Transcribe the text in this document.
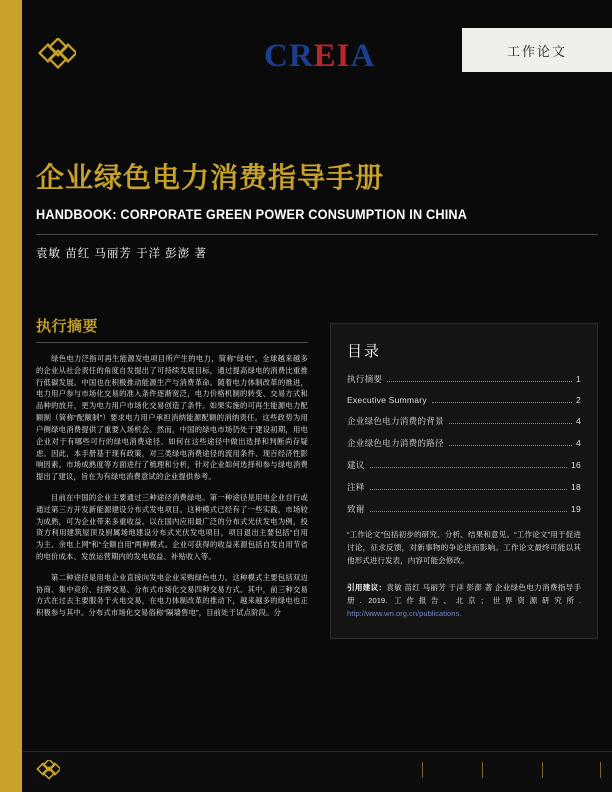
CREIA	工作论文
企业绿色电力消费指导手册
HANDBOOK: CORPORATE GREEN POWER CONSUMPTION IN CHINA
袁敏 苗红 马丽芳 于洋 彭澎 著
执行摘要

绿色电力泛指可再生能源发电项目所产生的电力，简称“绿电”。全球越来越多的企业从社会责任的角度自发提出了可持续发展目标，通过提高绿电的消费比重推行低碳发展。中国也在积极推动能源生产与消费革命。随着电力体制改革的推进，电力用户参与市场化交易的准入条件逐渐宽泛，电力价格机制的转变、交易方式和品种的放开，更为电力用户市场化交易创造了条件。如果实施的可再生能源电力配额制（简称“配额制”）要求电力用户承担消纳能源配额的消纳责任。这些政势为用户侧绿电消费提供了重要入场机会。然而，中国的绿电市场仍处于建设初期，用电企业对于有哪些可行的绿电消费途径、如何在这些途径中做出选择和判断尚存疑虑。因此，本手册基于现有政策，对三类绿电消费途径的流用条件、现百经济性影响因素、市场成熟度等方面进行了梳理和分析，针对企业如何选择和参与绿电消费提出了建议，旨在为有绿电消费意试的企业提供参考。

目前在中国的企业主要通过三种途径消费绿电。第一种途径是用电企业自行或通过第三方开发新能源建设分布式发电项目。这种模式已经有了一些实践，市场较为成熟，可为企业带来多重收益。以在国内应用最广泛的分布式光伏发电为例，投资方利用建筑屋顶及厨属场地建设分布式光伏发电项目，项目退出主要包括“自用为主、余电上网”和“全额自用”两种模式。企业可获得的收益来源包括自发自用节省的电价成本、发放运营期内的发电收益、补贴收入等。

第二种途径是用电企业直接向发电企业采购绿色电力。这种模式主要包括双边协商、集中竞价、挂牌交易、分布式市场化交易四种交易方式。其中，前三种交易方式在过去主要服务于火电交易，在电力体制改革的推动下，越来越多的绿电也正积极参与其中。分布式市场化交易俗称“隔墙售电”，目前处于试点阶段。分

目录
执行摘要	1
Executive Summary	2
企业绿色电力消费的背景	4
企业绿色电力消费的路径	4
建议	16
注释	18
致谢	19
“工作论文”包括初步的研究、分析、结果和意见。“工作论文”用于促进讨论，征求反馈，对新事物的争论进而影响。工作论文最终可能以其他形式进行发表，内容可能会修改。
引用建议：袁敏 苗红 马丽芳 于洋 彭澎 著 企业绿色电力消费指导手册. 2019. 工作报告、北京；世界资源研究所. http://www.wri.org.cn/publications.
